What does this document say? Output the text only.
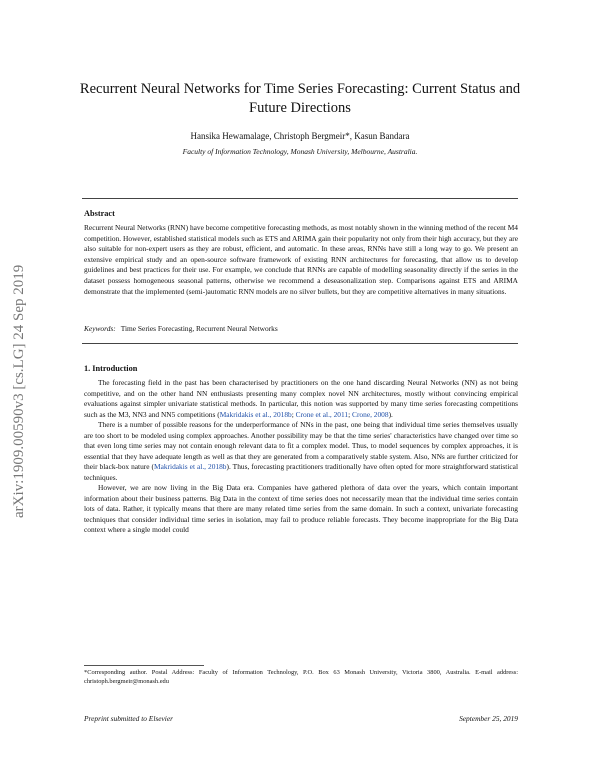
arXiv:1909.00590v3 [cs.LG] 24 Sep 2019
Recurrent Neural Networks for Time Series Forecasting: Current Status and Future Directions
Hansika Hewamalage, Christoph Bergmeir*, Kasun Bandara
Faculty of Information Technology, Monash University, Melbourne, Australia.
Abstract
Recurrent Neural Networks (RNN) have become competitive forecasting methods, as most notably shown in the winning method of the recent M4 competition. However, established statistical models such as ETS and ARIMA gain their popularity not only from their high accuracy, but they are also suitable for non-expert users as they are robust, efficient, and automatic. In these areas, RNNs have still a long way to go. We present an extensive empirical study and an open-source software framework of existing RNN architectures for forecasting, that allow us to develop guidelines and best practices for their use. For example, we conclude that RNNs are capable of modelling seasonality directly if the series in the dataset possess homogeneous seasonal patterns, otherwise we recommend a deseasonalization step. Comparisons against ETS and ARIMA demonstrate that the implemented (semi-)automatic RNN models are no silver bullets, but they are competitive alternatives in many situations.
Keywords: Time Series Forecasting, Recurrent Neural Networks
1. Introduction

The forecasting field in the past has been characterised by practitioners on the one hand discarding Neural Networks (NN) as not being competitive, and on the other hand NN enthusiasts presenting many complex novel NN architectures, mostly without convincing empirical evaluations against simpler univariate statistical methods. In particular, this notion was supported by many time series forecasting competitions such as the M3, NN3 and NN5 competitions (Makridakis et al., 2018b; Crone et al., 2011; Crone, 2008).

There is a number of possible reasons for the underperformance of NNs in the past, one being that individual time series themselves usually are too short to be modeled using complex approaches. Another possibility may be that the time series' characteristics have changed over time so that even long time series may not contain enough relevant data to fit a complex model. Thus, to model sequences by complex approaches, it is essential that they have adequate length as well as that they are generated from a comparatively stable system. Also, NNs are further criticized for their black-box nature (Makridakis et al., 2018b). Thus, forecasting practitioners traditionally have often opted for more straightforward statistical techniques.

However, we are now living in the Big Data era. Companies have gathered plethora of data over the years, which contain important information about their business patterns. Big Data in the context of time series does not necessarily mean that the individual time series contain lots of data. Rather, it typically means that there are many related time series from the same domain. In such a context, univariate forecasting techniques that consider individual time series in isolation, may fail to produce reliable forecasts. They become inappropriate for the Big Data context where a single model could

*Corresponding author. Postal Address: Faculty of Information Technology, P.O. Box 63 Monash University, Victoria 3800, Australia. E-mail address: christoph.bergmeir@monash.edu
Preprint submitted to Elsevier	September 25, 2019
